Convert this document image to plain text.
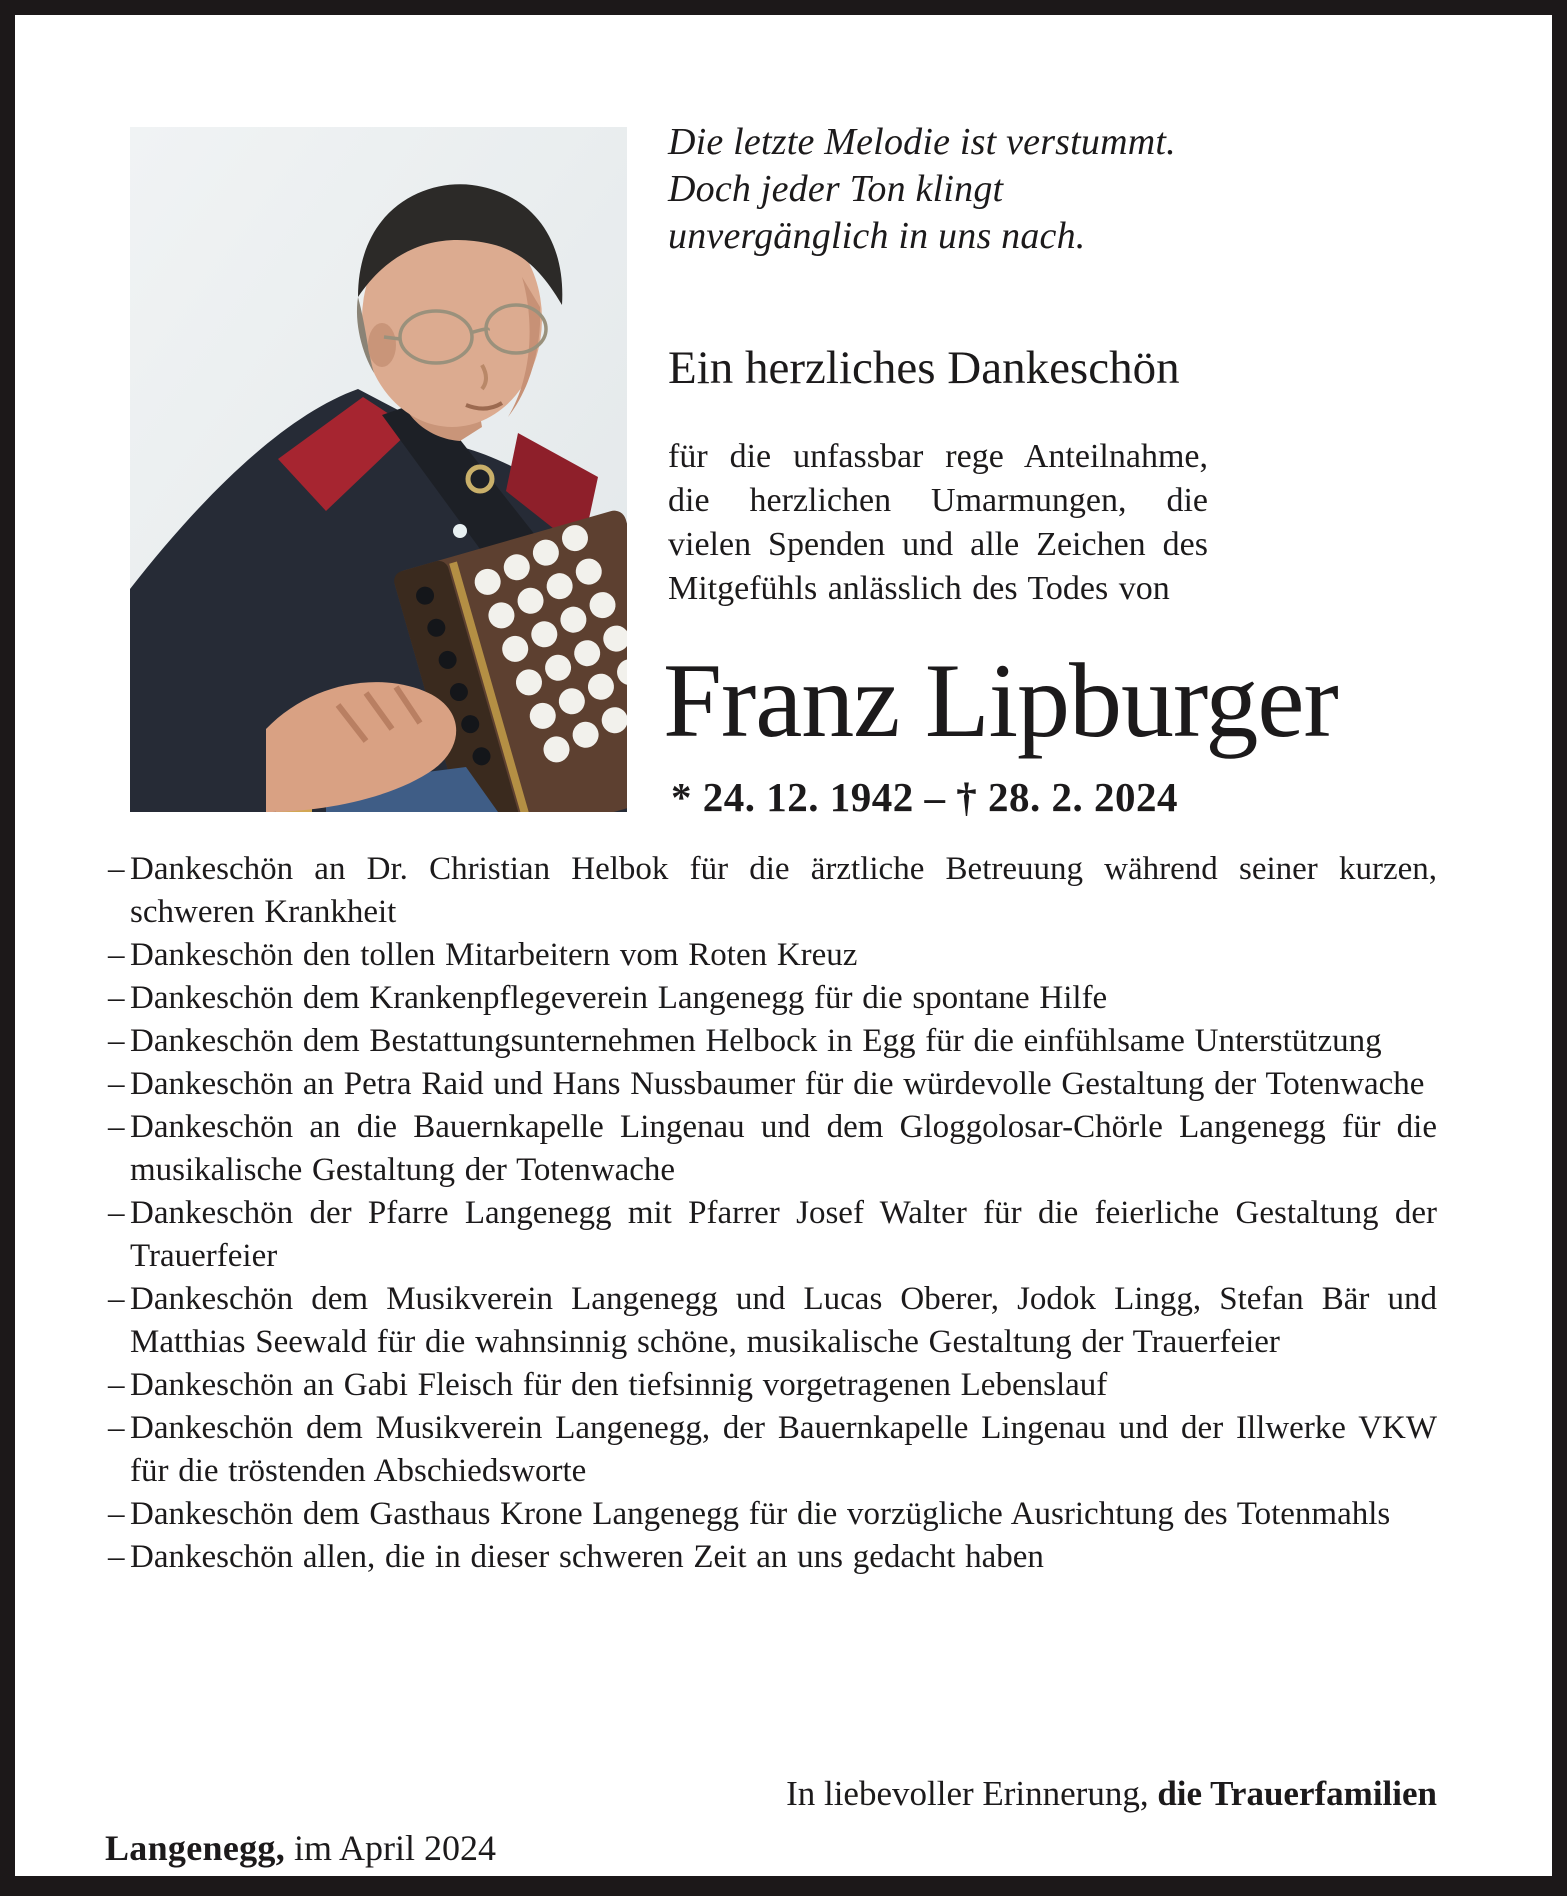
Die letzte Melodie ist verstummt.
Doch jeder Ton klingt
unvergänglich in uns nach.
Ein herzliches Dankeschön
für die unfassbar rege Anteilnahme, die herzlichen Umarmungen, die vielen Spenden und alle Zeichen des Mitgefühls anlässlich des Todes von
Franz Lipburger
* 24. 12. 1942 – † 28. 2. 2024
– Dankeschön an Dr. Christian Helbok für die ärztliche Betreuung während seiner kurzen, schweren Krankheit
– Dankeschön den tollen Mitarbeitern vom Roten Kreuz
– Dankeschön dem Krankenpflegeverein Langenegg für die spontane Hilfe
– Dankeschön dem Bestattungsunternehmen Helbock in Egg für die einfühlsame Unterstützung
– Dankeschön an Petra Raid und Hans Nussbaumer für die würdevolle Gestaltung der Totenwache
– Dankeschön an die Bauernkapelle Lingenau und dem Gloggolosar-Chörle Langenegg für die musikalische Gestaltung der Totenwache
– Dankeschön der Pfarre Langenegg mit Pfarrer Josef Walter für die feierliche Gestaltung der Trauerfeier
– Dankeschön dem Musikverein Langenegg und Lucas Oberer, Jodok Lingg, Stefan Bär und Matthias Seewald für die wahnsinnig schöne, musikalische Gestaltung der Trauerfeier
– Dankeschön an Gabi Fleisch für den tiefsinnig vorgetragenen Lebenslauf
– Dankeschön dem Musikverein Langenegg, der Bauernkapelle Lingenau und der Illwerke VKW für die tröstenden Abschiedsworte
– Dankeschön dem Gasthaus Krone Langenegg für die vorzügliche Ausrichtung des Totenmahls
– Dankeschön allen, die in dieser schweren Zeit an uns gedacht haben
In liebevoller Erinnerung, die Trauerfamilien
Langenegg, im April 2024
